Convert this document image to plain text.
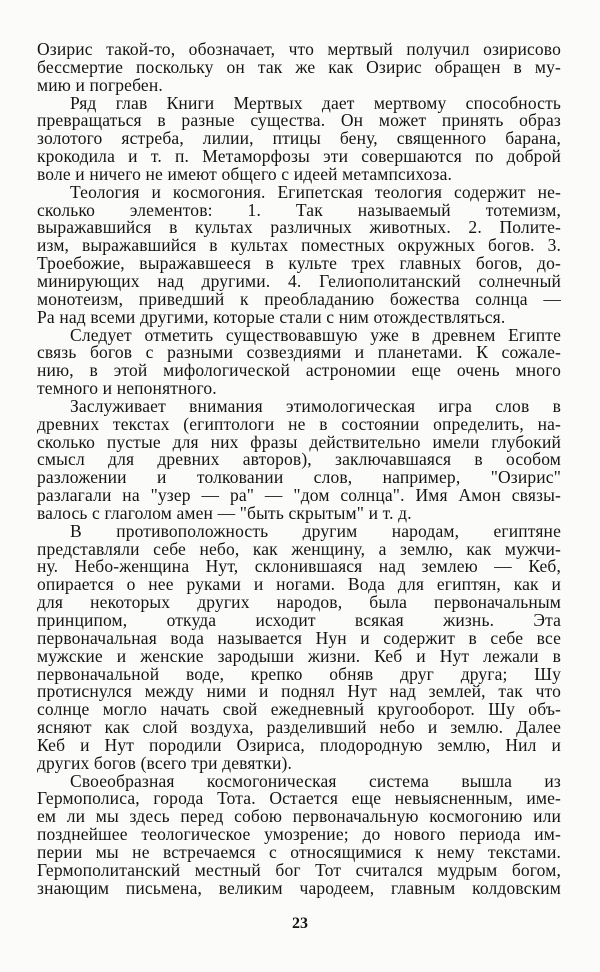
Озирис такой-то, обозначает, что мертвый получил озирисово
бессмертие поскольку он так же как Озирис обращен в му-
мию и погребен.
Ряд глав Книги Мертвых дает мертвому способность
превращаться в разные существа. Он может принять образ
золотого ястреба, лилии, птицы бену, священного барана,
крокодила и т. п. Метаморфозы эти совершаются по доброй
воле и ничего не имеют общего с идеей метампсихоза.
Теология и космогония. Египетская теология содержит не-
сколько элементов: 1. Так называемый тотемизм,
выражавшийся в культах различных животных. 2. Полите-
изм, выражавшийся в культах поместных окружных богов. 3.
Троебожие, выражавшееся в культе трех главных богов, до-
минирующих над другими. 4. Гелиополитанский солнечный
монотеизм, приведший к преобладанию божества солнца —
Ра над всеми другими, которые стали с ним отождествляться.
Следует отметить существовавшую уже в древнем Египте
связь богов с разными созвездиями и планетами. К сожале-
нию, в этой мифологической астрономии еще очень много
темного и непонятного.
Заслуживает внимания этимологическая игра слов в
древних текстах (египтологи не в состоянии определить, на-
сколько пустые для них фразы действительно имели глубокий
смысл для древних авторов), заключавшаяся в особом
разложении и толковании слов, например, "Озирис"
разлагали на "узер — ра" — "дом солнца". Имя Амон связы-
валось с глаголом амен — "быть скрытым" и т. д.
В противоположность другим народам, египтяне
представляли себе небо, как женщину, а землю, как мужчи-
ну. Небо-женщина Нут, склонившаяся над землею — Кеб,
опирается о нее руками и ногами. Вода для египтян, как и
для некоторых других народов, была первоначальным
принципом, откуда исходит всякая жизнь. Эта
первоначальная вода называется Нун и содержит в себе все
мужские и женские зародыши жизни. Кеб и Нут лежали в
первоначальной воде, крепко обняв друг друга; Шу
протиснулся между ними и поднял Нут над землей, так что
солнце могло начать свой ежедневный кругооборот. Шу объ-
ясняют как слой воздуха, разделивший небо и землю. Далее
Кеб и Нут породили Озириса, плодородную землю, Нил и
других богов (всего три девятки).
Своеобразная космогоническая система вышла из
Гермополиса, города Тота. Остается еще невыясненным, име-
ем ли мы здесь перед собою первоначальную космогонию или
позднейшее теологическое умозрение; до нового периода им-
перии мы не встречаемся с относящимися к нему текстами.
Гермополитанский местный бог Тот считался мудрым богом,
знающим письмена, великим чародеем, главным колдовским
23
